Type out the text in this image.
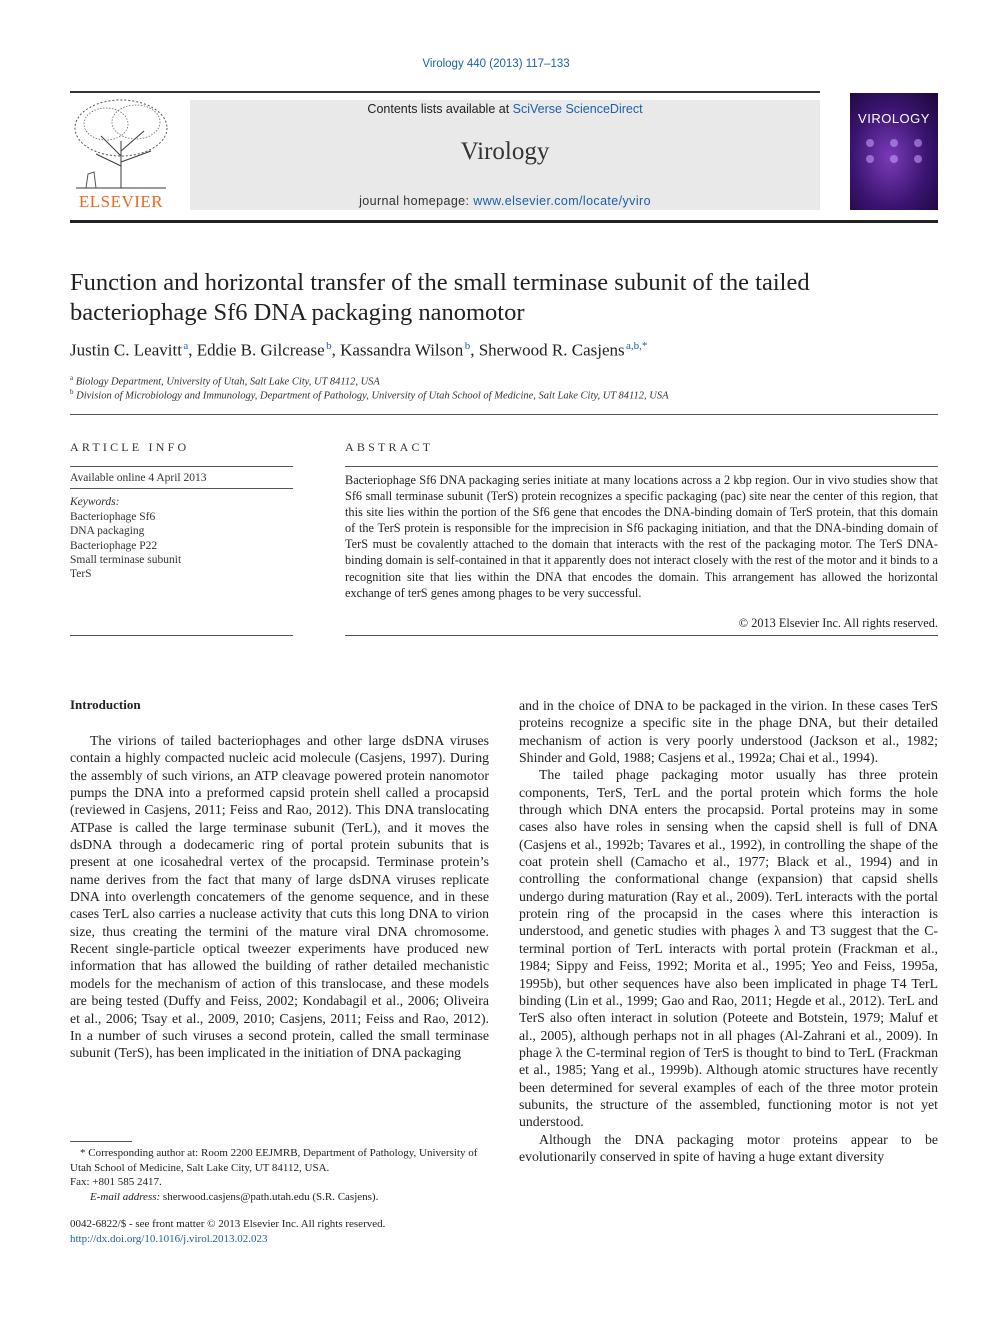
Virology 440 (2013) 117–133
ELSEVIER
Contents lists available at SciVerse ScienceDirect
Virology
journal homepage: www.elsevier.com/locate/yviro
VIROLOGY
Function and horizontal transfer of the small terminase subunit of the tailed bacteriophage Sf6 DNA packaging nanomotor
Justin C. Leavitt $^a$, Eddie B. Gilcrease $^b$, Kassandra Wilson $^b$, Sherwood R. Casjens $^{a,b,*}$
$^a$ Biology Department, University of Utah, Salt Lake City, UT 84112, USA
$^b$ Division of Microbiology and Immunology, Department of Pathology, University of Utah School of Medicine, Salt Lake City, UT 84112, USA
ARTICLE INFO
Available online 4 April 2013
Keywords:
Bacteriophage Sf6
DNA packaging
Bacteriophage P22
Small terminase subunit
TerS
ABSTRACT
Bacteriophage Sf6 DNA packaging series initiate at many locations across a 2 kbp region. Our in vivo studies show that Sf6 small terminase subunit (TerS) protein recognizes a specific packaging (pac) site near the center of this region, that this site lies within the portion of the Sf6 gene that encodes the DNA-binding domain of TerS protein, that this domain of the TerS protein is responsible for the imprecision in Sf6 packaging initiation, and that the DNA-binding domain of TerS must be covalently attached to the domain that interacts with the rest of the packaging motor. The TerS DNA-binding domain is self-contained in that it apparently does not interact closely with the rest of the motor and it binds to a recognition site that lies within the DNA that encodes the domain. This arrangement has allowed the horizontal exchange of terS genes among phages to be very successful.
© 2013 Elsevier Inc. All rights reserved.
Introduction

The virions of tailed bacteriophages and other large dsDNA viruses contain a highly compacted nucleic acid molecule (Casjens, 1997). During the assembly of such virions, an ATP cleavage powered protein nanomotor pumps the DNA into a preformed capsid protein shell called a procapsid (reviewed in Casjens, 2011; Feiss and Rao, 2012). This DNA translocating ATPase is called the large terminase subunit (TerL), and it moves the dsDNA through a dodecameric ring of portal protein subunits that is present at one icosahedral vertex of the procapsid. Terminase protein’s name derives from the fact that many of large dsDNA viruses replicate DNA into overlength concatemers of the genome sequence, and in these cases TerL also carries a nuclease activity that cuts this long DNA to virion size, thus creating the termini of the mature viral DNA chromosome. Recent single-particle optical tweezer experiments have produced new information that has allowed the building of rather detailed mechanistic models for the mechanism of action of this translocase, and these models are being tested (Duffy and Feiss, 2002; Kondabagil et al., 2006; Oliveira et al., 2006; Tsay et al., 2009, 2010; Casjens, 2011; Feiss and Rao, 2012). In a number of such viruses a second protein, called the small terminase subunit (TerS), has been implicated in the initiation of DNA packaging

and in the choice of DNA to be packaged in the virion. In these cases TerS proteins recognize a specific site in the phage DNA, but their detailed mechanism of action is very poorly understood (Jackson et al., 1982; Shinder and Gold, 1988; Casjens et al., 1992a; Chai et al., 1994).

The tailed phage packaging motor usually has three protein components, TerS, TerL and the portal protein which forms the hole through which DNA enters the procapsid. Portal proteins may in some cases also have roles in sensing when the capsid shell is full of DNA (Casjens et al., 1992b; Tavares et al., 1992), in controlling the shape of the coat protein shell (Camacho et al., 1977; Black et al., 1994) and in controlling the conformational change (expansion) that capsid shells undergo during maturation (Ray et al., 2009). TerL interacts with the portal protein ring of the procapsid in the cases where this interaction is understood, and genetic studies with phages λ and T3 suggest that the C-terminal portion of TerL interacts with portal protein (Frackman et al., 1984; Sippy and Feiss, 1992; Morita et al., 1995; Yeo and Feiss, 1995a, 1995b), but other sequences have also been implicated in phage T4 TerL binding (Lin et al., 1999; Gao and Rao, 2011; Hegde et al., 2012). TerL and TerS also often interact in solution (Poteete and Botstein, 1979; Maluf et al., 2005), although perhaps not in all phages (Al-Zahrani et al., 2009). In phage λ the C-terminal region of TerS is thought to bind to TerL (Frackman et al., 1985; Yang et al., 1999b). Although atomic structures have recently been determined for several examples of each of the three motor protein subunits, the structure of the assembled, functioning motor is not yet understood.

Although the DNA packaging motor proteins appear to be evolutionarily conserved in spite of having a huge extant diversity

* Corresponding author at: Room 2200 EEJMRB, Department of Pathology, University of Utah School of Medicine, Salt Lake City, UT 84112, USA.
Fax: +801 585 2417.
E-mail address: sherwood.casjens@path.utah.edu (S.R. Casjens).
0042-6822/$ - see front matter © 2013 Elsevier Inc. All rights reserved.
http://dx.doi.org/10.1016/j.virol.2013.02.023
